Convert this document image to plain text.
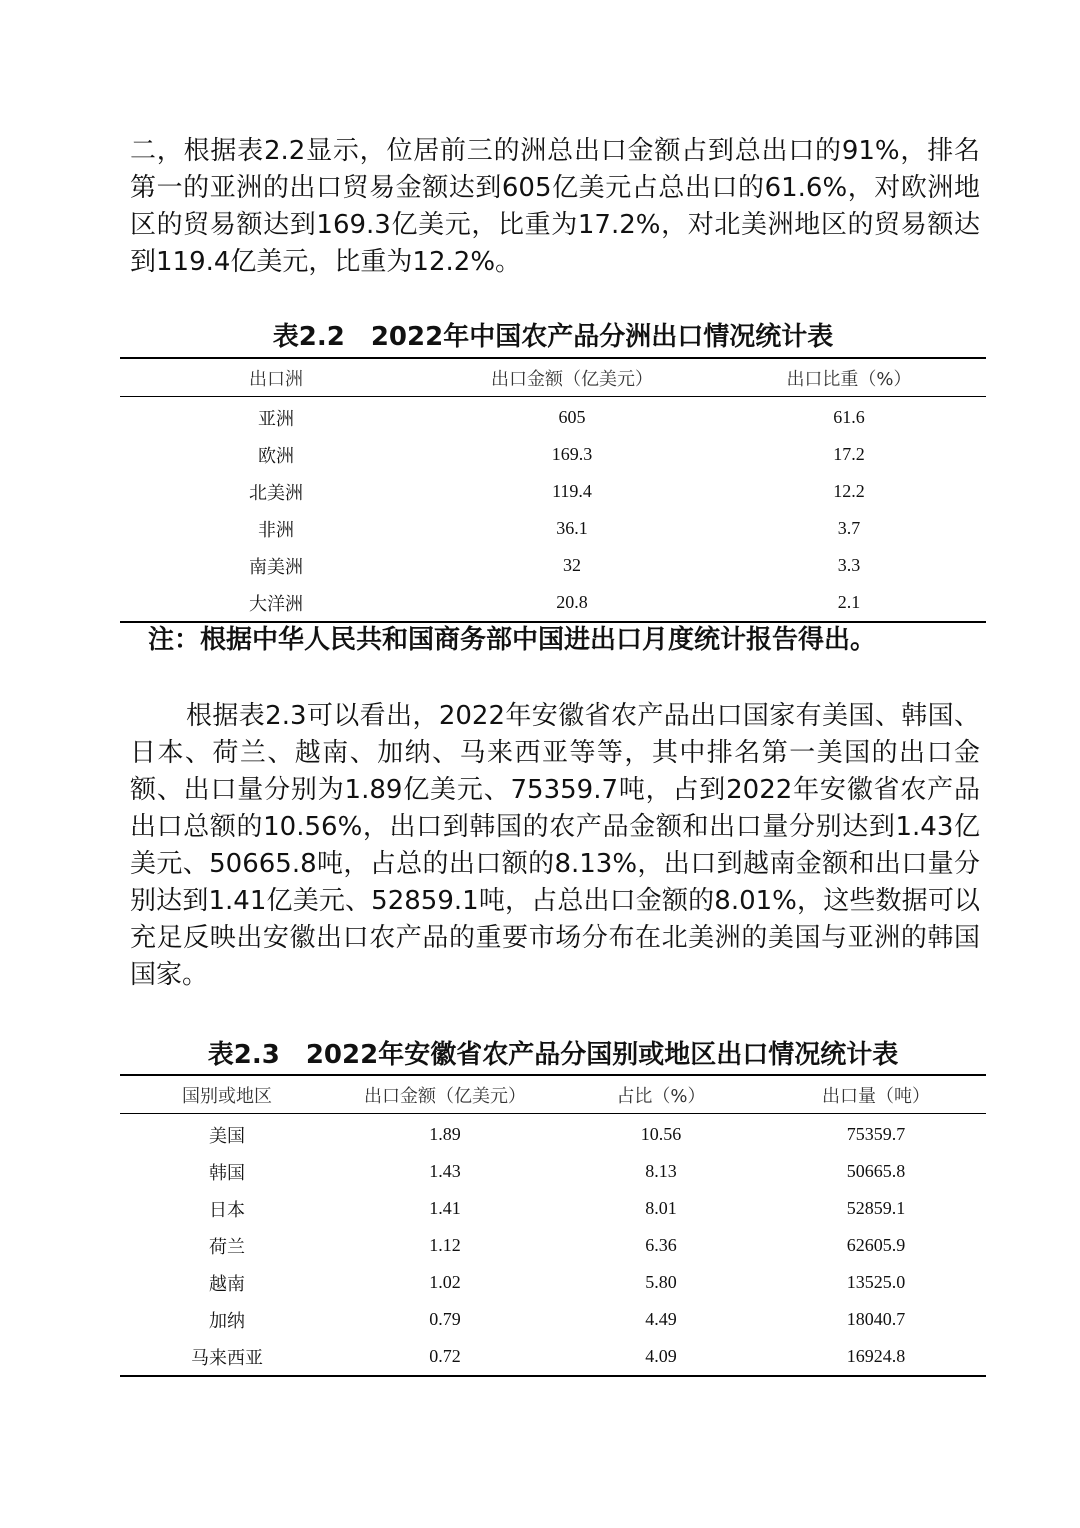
二，根据表2.2显示，位居前三的洲总出口金额占到总出口的91%，排名第一的亚洲的出口贸易金额达到605亿美元占总出口的61.6%，对欧洲地区的贸易额达到169.3亿美元，比重为17.2%，对北美洲地区的贸易额达到119.4亿美元，比重为12.2%。

表2.2　2022年中国农产品分洲出口情况统计表

出口洲	出口金额（亿美元）	出口比重（%）
亚洲	605	61.6
欧洲	169.3	17.2
北美洲	119.4	12.2
非洲	36.1	3.7
南美洲	32	3.3
大洋洲	20.8	2.1

注：根据中华人民共和国商务部中国进出口月度统计报告得出。

根据表2.3可以看出，2022年安徽省农产品出口国家有美国、韩国、日本、荷兰、越南、加纳、马来西亚等等，其中排名第一美国的出口金额、出口量分别为1.89亿美元、75359.7吨，占到2022年安徽省农产品出口总额的10.56%，出口到韩国的农产品金额和出口量分别达到1.43亿美元、50665.8吨，占总的出口额的8.13%，出口到越南金额和出口量分别达到1.41亿美元、52859.1吨，占总出口金额的8.01%，这些数据可以充足反映出安徽出口农产品的重要市场分布在北美洲的美国与亚洲的韩国国家。

表2.3　2022年安徽省农产品分国别或地区出口情况统计表

国别或地区	出口金额（亿美元）	占比（%）	出口量（吨）
美国	1.89	10.56	75359.7
韩国	1.43	8.13	50665.8
日本	1.41	8.01	52859.1
荷兰	1.12	6.36	62605.9
越南	1.02	5.80	13525.0
加纳	0.79	4.49	18040.7
马来西亚	0.72	4.09	16924.8
